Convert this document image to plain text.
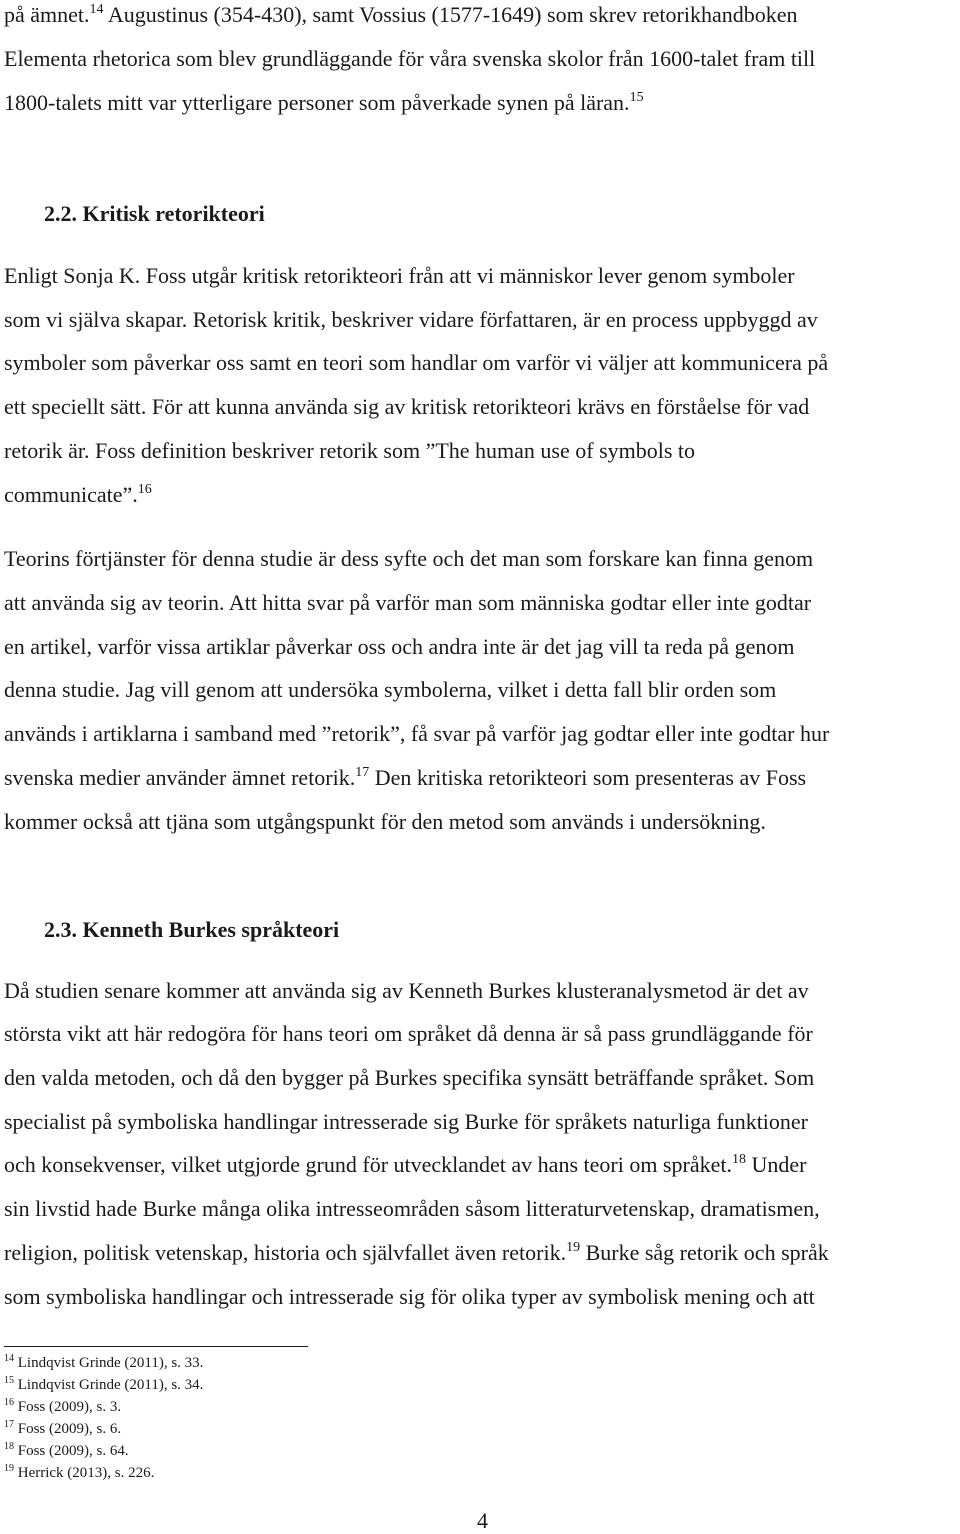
på ämnet.$^{14}$ Augustinus (354-430), samt Vossius (1577-1649) som skrev retorikhandboken
Elementa rhetorica som blev grundläggande för våra svenska skolor från 1600-talet fram till
1800-talets mitt var ytterligare personer som påverkade synen på läran.$^{15}$
2.2. Kritisk retorikteori
Enligt Sonja K. Foss utgår kritisk retorikteori från att vi människor lever genom symboler
som vi själva skapar. Retorisk kritik, beskriver vidare författaren, är en process uppbyggd av
symboler som påverkar oss samt en teori som handlar om varför vi väljer att kommunicera på
ett speciellt sätt. För att kunna använda sig av kritisk retorikteori krävs en förståelse för vad
retorik är. Foss definition beskriver retorik som ”The human use of symbols to
communicate”.$^{16}$
Teorins förtjänster för denna studie är dess syfte och det man som forskare kan finna genom
att använda sig av teorin. Att hitta svar på varför man som människa godtar eller inte godtar
en artikel, varför vissa artiklar påverkar oss och andra inte är det jag vill ta reda på genom
denna studie. Jag vill genom att undersöka symbolerna, vilket i detta fall blir orden som
används i artiklarna i samband med ”retorik”, få svar på varför jag godtar eller inte godtar hur
svenska medier använder ämnet retorik.$^{17}$ Den kritiska retorikteori som presenteras av Foss
kommer också att tjäna som utgångspunkt för den metod som används i undersökning.
2.3. Kenneth Burkes språkteori
Då studien senare kommer att använda sig av Kenneth Burkes klusteranalysmetod är det av
största vikt att här redogöra för hans teori om språket då denna är så pass grundläggande för
den valda metoden, och då den bygger på Burkes specifika synsätt beträffande språket. Som
specialist på symboliska handlingar intresserade sig Burke för språkets naturliga funktioner
och konsekvenser, vilket utgjorde grund för utvecklandet av hans teori om språket.$^{18}$ Under
sin livstid hade Burke många olika intresseområden såsom litteraturvetenskap, dramatismen,
religion, politisk vetenskap, historia och självfallet även retorik.$^{19}$ Burke såg retorik och språk
som symboliska handlingar och intresserade sig för olika typer av symbolisk mening och att
$^{14}$ Lindqvist Grinde (2011), s. 33.
$^{15}$ Lindqvist Grinde (2011), s. 34.
$^{16}$ Foss (2009), s. 3.
$^{17}$ Foss (2009), s. 6.
$^{18}$ Foss (2009), s. 64.
$^{19}$ Herrick (2013), s. 226.
4
